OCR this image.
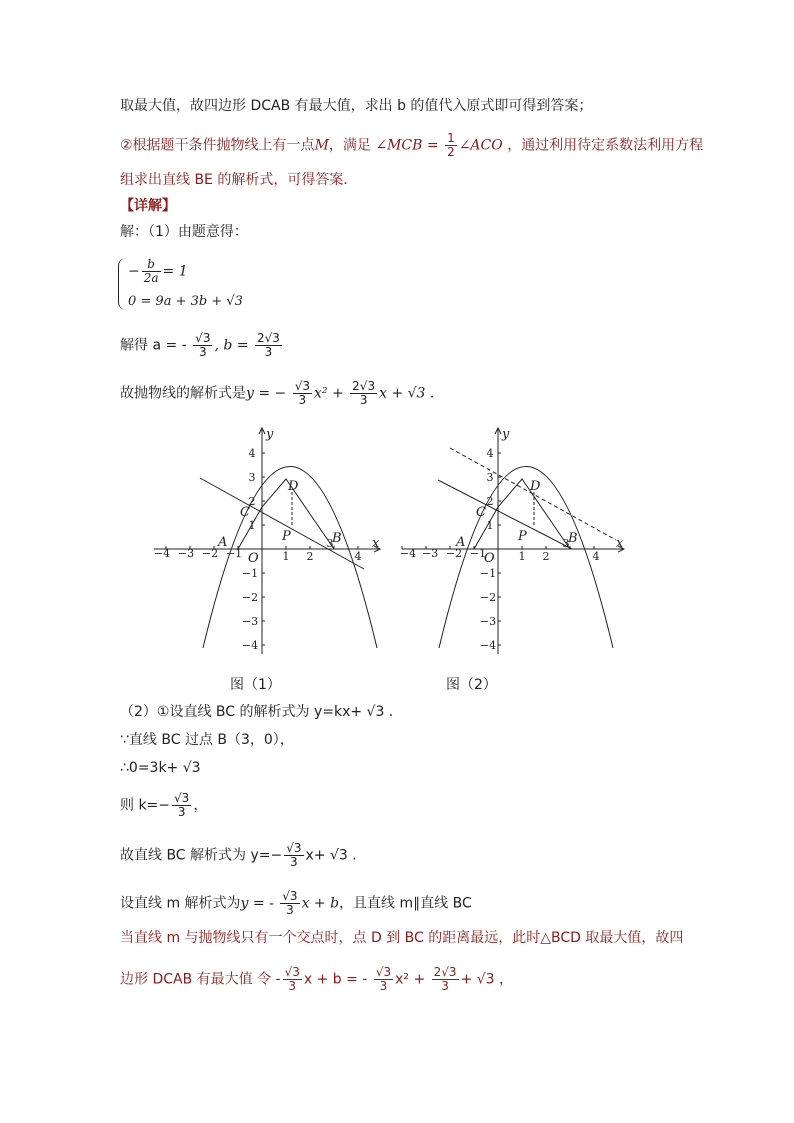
取最大值，故四边形 DCAB 有最大值，求出 b 的值代入原式即可得到答案；
②根据题干条件抛物线上有一点M，满足 ∠MCB = $\frac{1}{2}$ ∠ACO ，通过利用待定系数法利用方程
组求出直线 BE 的解析式，可得答案．
【详解】
解：（1）由题意得：
− $\frac{b}{2a} = 1$
0 = 9a + 3b + √3
解得 a = - $\frac{√3}{3}$ , $b = \frac{2√3}{3}$
故抛物线的解析式是y = − $\frac{√3}{3} x^2 + \frac{2√3}{3}$ x + √3 .
−4 −3 −2 −1	1 2
3
4
1
2
3
4
−1
−2
−3
−4
x
y
A	B
C
D
P
O
图（1）
−4 −3 −2 −1	1 2
3
4
1
2
3
4
−1
−2
−3
−4
x
y
A	B
C
D
P
O
图（2）
（2）①设直线 BC 的解析式为 y=kx+ √3 .
∵直线 BC 过点 B（3，0），
∴0=3k+ √3
则 $k=- \frac{√3}{3}$ ，
故直线 BC 解析式为 $y=- \frac{√3}{3} x+ √3$ .
设直线 m 解析式为y = - $\frac{√3}{3}$ x + b，且直线 m∥直线 BC
当直线 m 与抛物线只有一个交点时，点 D 到 BC 的距离最远，此时△BCD 取最大值，故四
边形 DCAB 有最大值 令 - $\frac{√3}{3}$ x + b = - $\frac{√3}{3} x^2 + \frac{2√3}{3} + √3$ ，
